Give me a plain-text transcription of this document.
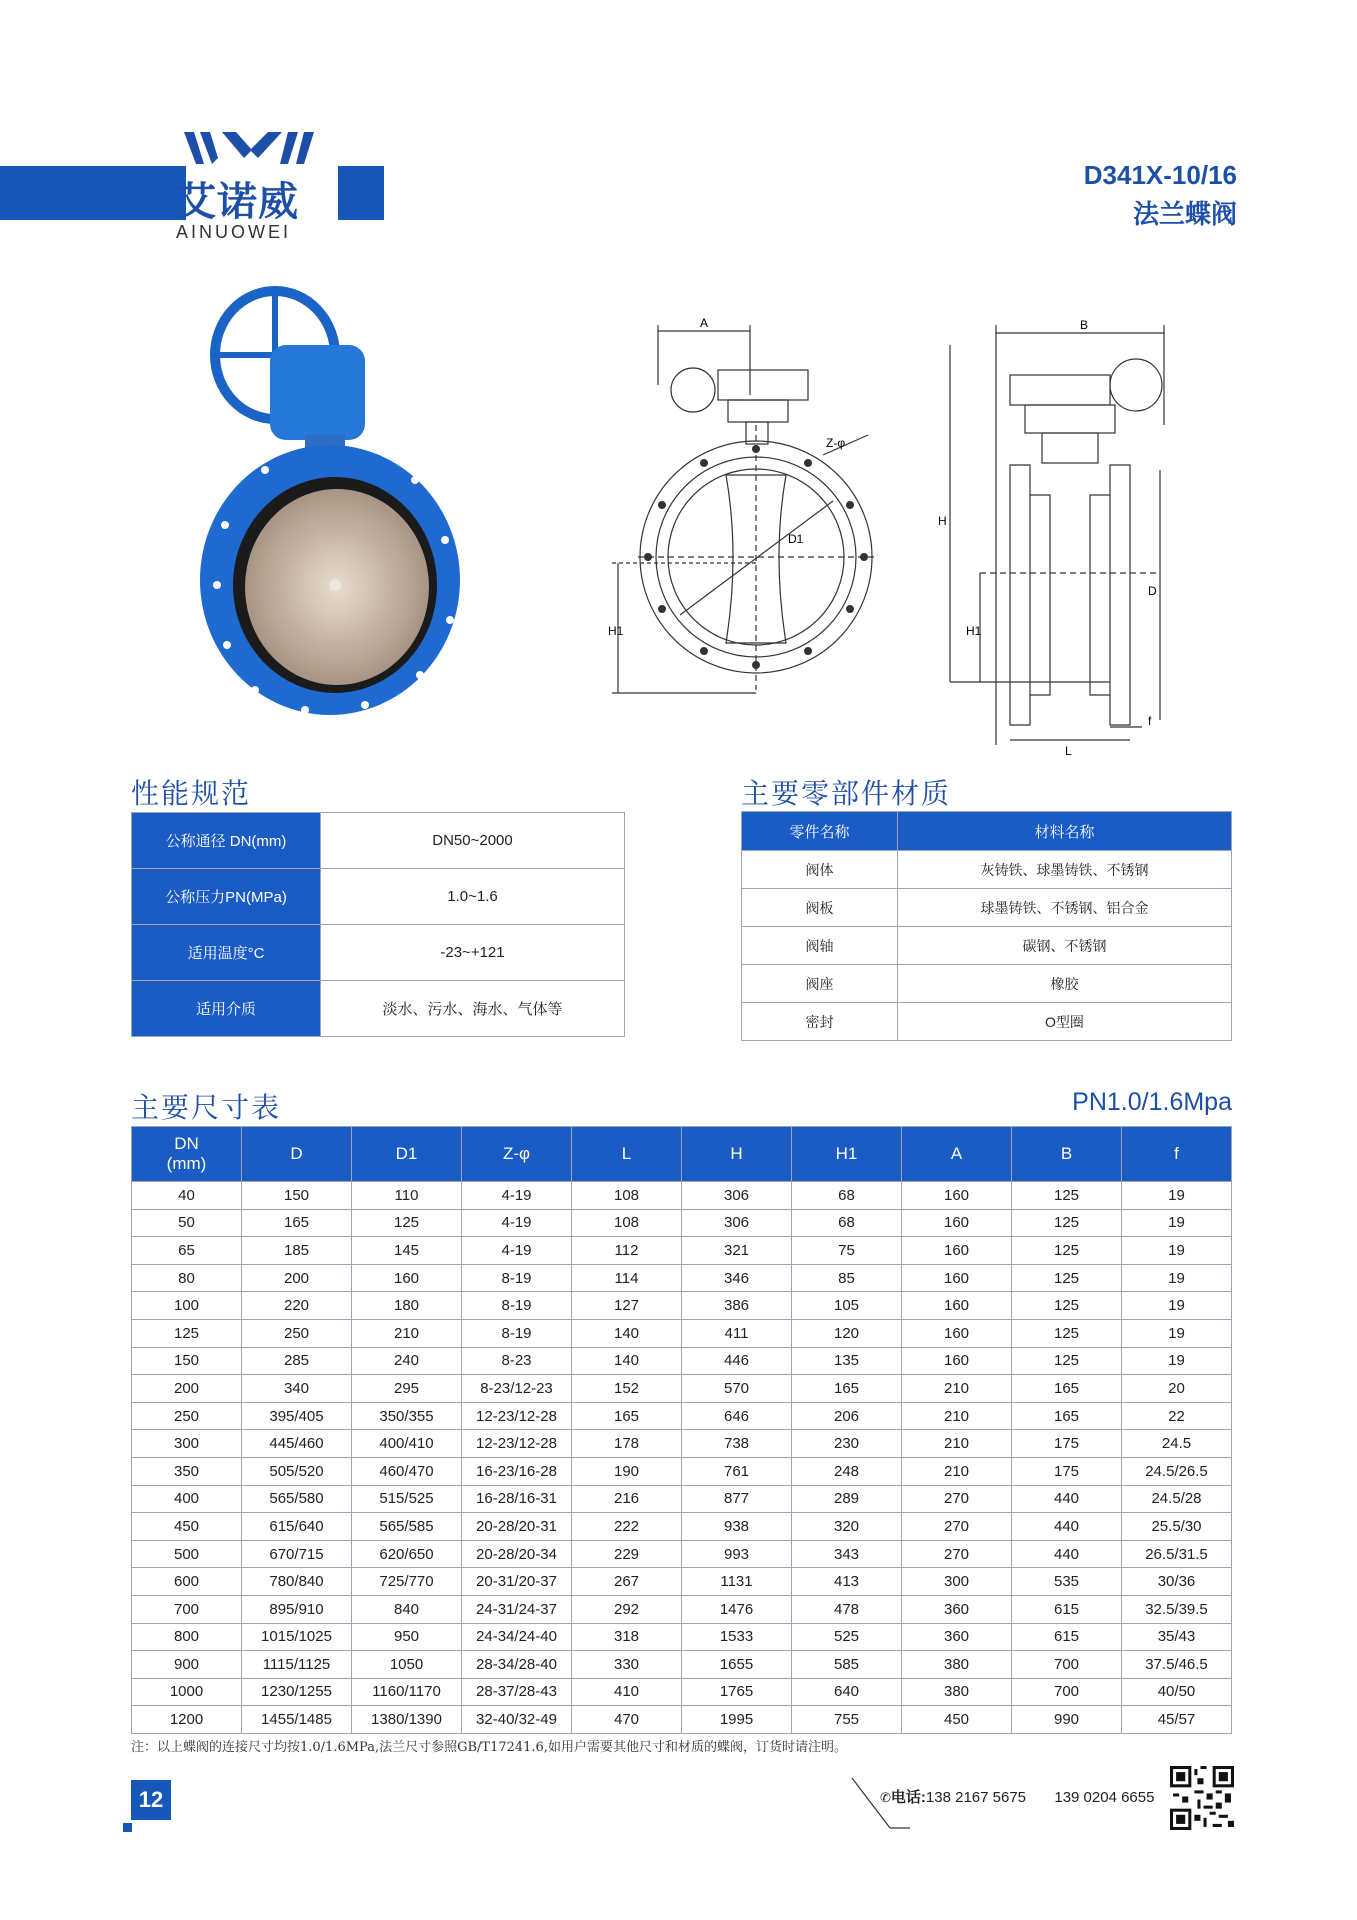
艾诺威
AINUOWEI
D341X-10/16
法兰蝶阀
A
D1
Z-φ
H1
B
H
H1
D
L
f
性能规范
公称通径 DN(mm)	DN50~2000
公称压力PN(MPa)	1.0~1.6
适用温度°C	-23~+121
适用介质	淡水、污水、海水、气体等
主要零部件材质
零件名称	材料名称
阀体	灰铸铁、球墨铸铁、不锈钢
阀板	球墨铸铁、不锈钢、铝合金
阀轴	碳钢、不锈钢
阀座	橡胶
密封	O型圈
主要尺寸表	PN1.0/1.6Mpa
DN
(mm)	D	D1	Z-φ	L	H	H1	A	B	f
40	150	110	4-19	108	306	68	160	125	19
50	165	125	4-19	108	306	68	160	125	19
65	185	145	4-19	112	321	75	160	125	19
80	200	160	8-19	114	346	85	160	125	19
100	220	180	8-19	127	386	105	160	125	19
125	250	210	8-19	140	411	120	160	125	19
150	285	240	8-23	140	446	135	160	125	19
200	340	295	8-23/12-23	152	570	165	210	165	20
250	395/405	350/355	12-23/12-28	165	646	206	210	165	22
300	445/460	400/410	12-23/12-28	178	738	230	210	175	24.5
350	505/520	460/470	16-23/16-28	190	761	248	210	175	24.5/26.5
400	565/580	515/525	16-28/16-31	216	877	289	270	440	24.5/28
450	615/640	565/585	20-28/20-31	222	938	320	270	440	25.5/30
500	670/715	620/650	20-28/20-34	229	993	343	270	440	26.5/31.5
600	780/840	725/770	20-31/20-37	267	1131	413	300	535	30/36
700	895/910	840	24-31/24-37	292	1476	478	360	615	32.5/39.5
800	1015/1025	950	24-34/24-40	318	1533	525	360	615	35/43
900	1115/1125	1050	28-34/28-40	330	1655	585	380	700	37.5/46.5
1000	1230/1255	1160/1170	28-37/28-43	410	1765	640	380	700	40/50
1200	1455/1485	1380/1390	32-40/32-49	470	1995	755	450	990	45/57
注：以上蝶阀的连接尺寸均按1.0/1.6MPa,法兰尺寸参照GB/T17241.6,如用户需要其他尺寸和材质的蝶阀，订货时请注明。
12	✆电话:138 2167 5675 139 0204 6655
